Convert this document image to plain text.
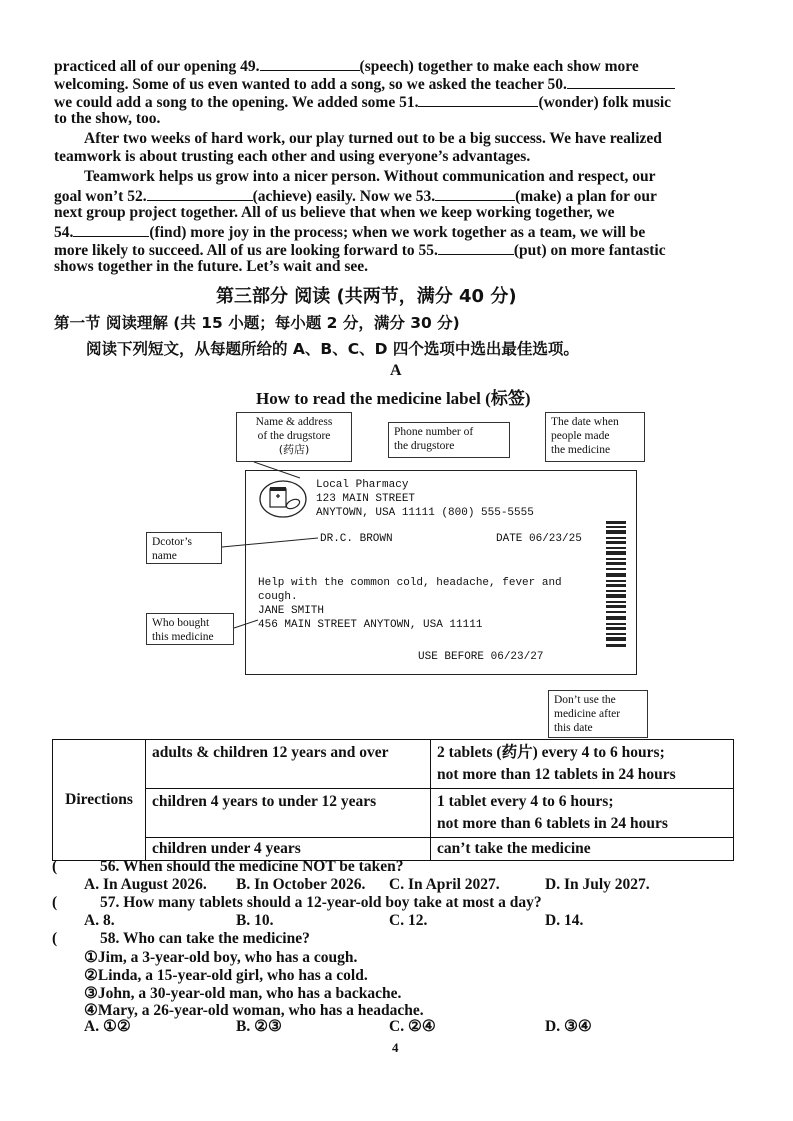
practiced all of our opening 49.	(speech) together to make each show more
welcoming. Some of us even wanted to add a song, so we asked the teacher 50.
we could add a song to the opening. We added some 51.	(wonder) folk music
to the show, too.
After two weeks of hard work, our play turned out to be a big success. We have realized
teamwork is about trusting each other and using everyone’s advantages.
Teamwork helps us grow into a nicer person. Without communication and respect, our
goal won’t 52.	(achieve) easily. Now we 53.	(make) a plan for our
next group project together. All of us believe that when we keep working together, we
54.	(find) more joy in the process; when we work together as a team, we will be
more likely to succeed. All of us are looking forward to 55.	(put) on more fantastic
shows together in the future. Let’s wait and see.
第三部分 阅读 (共两节，满分 40 分)
第一节 阅读理解 (共 15 小题；每小题 2 分，满分 30 分)
阅读下列短文，从每题所给的 A、B、C、D 四个选项中选出最佳选项。
A
How to read the medicine label (标签)
Name & address
of the drugstore
(药店)
Phone number of
the drugstore
The date when
people made
the medicine
Dcotor’s
name
Who bought
this medicine
Don’t use the
medicine after
this date
Local Pharmacy
123 MAIN STREET
ANYTOWN, USA 11111 (800) 555-5555
DR.C. BROWN	DATE 06/23/25
Help with the common cold, headache, fever and
cough.
JANE SMITH
456 MAIN STREET ANYTOWN, USA 11111
USE BEFORE 06/23/27
Directions	adults & children 12 years and over	2 tablets (药片) every 4 to 6 hours;
not more than 12 tablets in 24 hours

	children 4 years to under 12 years	1 tablet every 4 to 6 hours;
not more than 6 tablets in 24 hours

	children under 4 years	can’t take the medicine
(	56. When should the medicine NOT be taken?
A. In August 2026. B. In October 2026. C. In April 2027.	D. In July 2027.
(	57. How many tablets should a 12-year-old boy take at most a day?
A. 8.	B. 10.	C. 12.	D. 14.
(	58. Who can take the medicine?
①Jim, a 3-year-old boy, who has a cough.
②Linda, a 15-year-old girl, who has a cold.
③John, a 30-year-old man, who has a backache.
④Mary, a 26-year-old woman, who has a headache.
A. ①②	B. ②③	C. ②④	D. ③④
4
